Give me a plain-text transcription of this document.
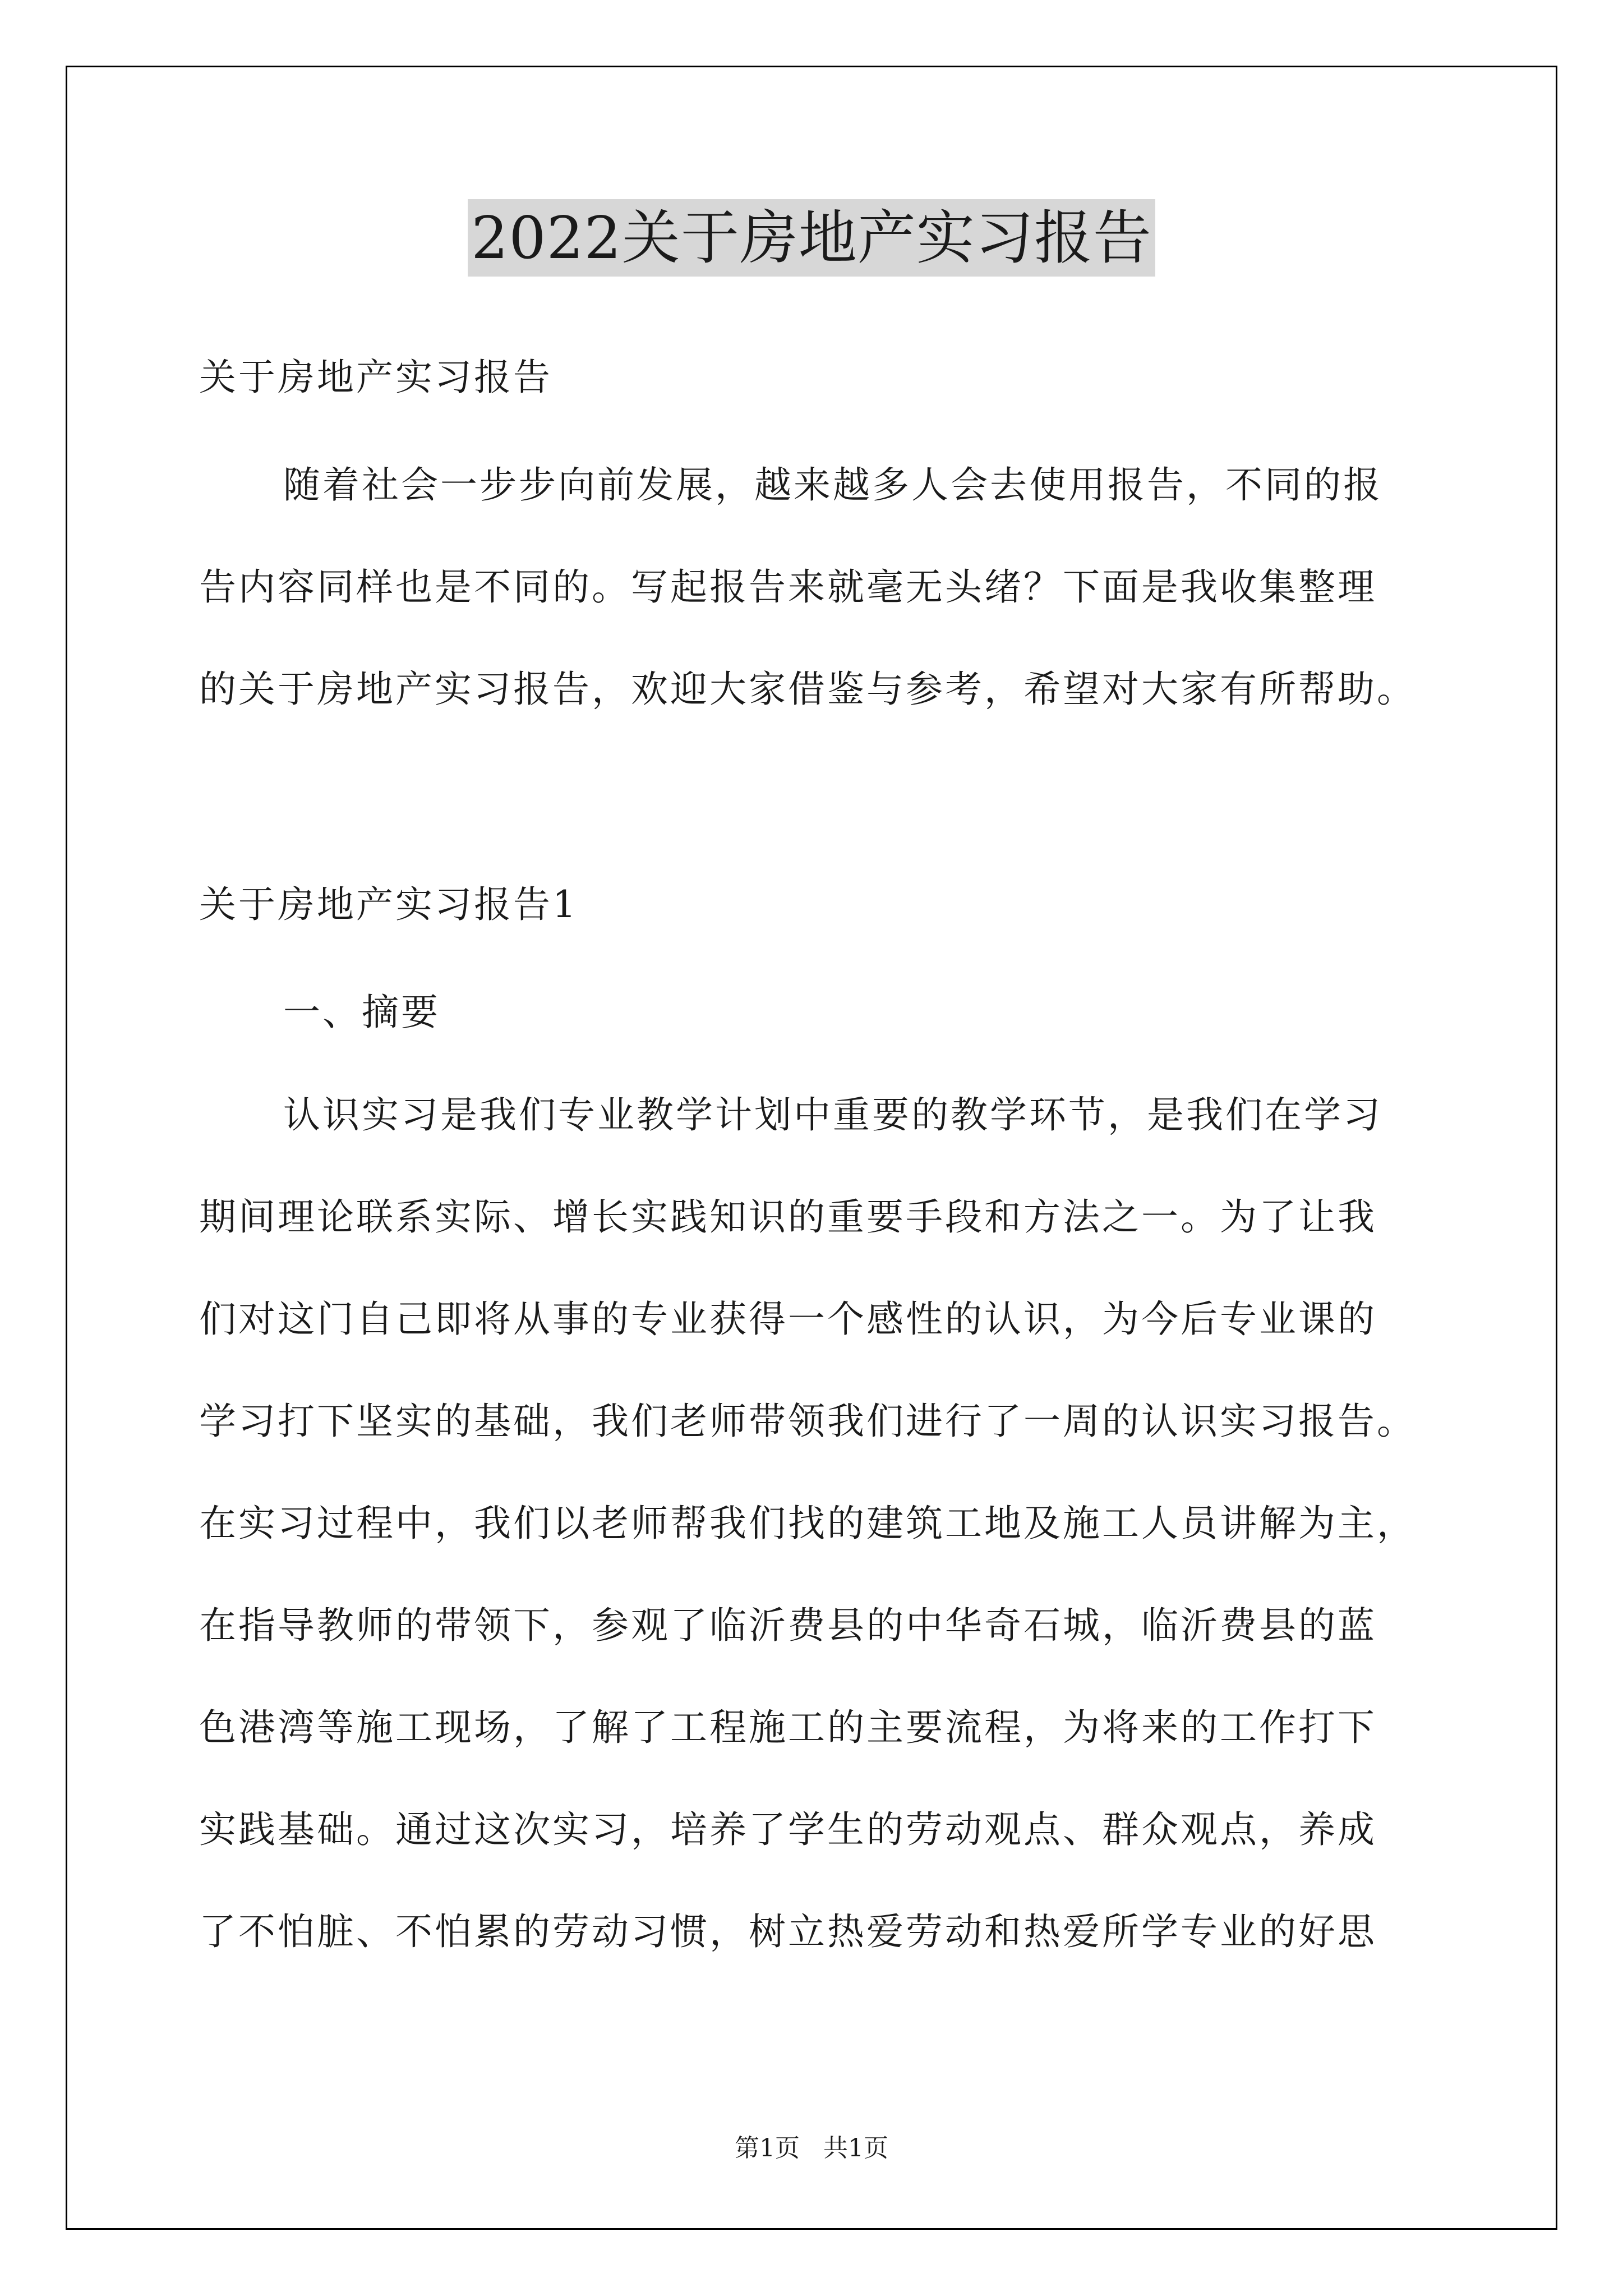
2022关于房地产实习报告
关于房地产实习报告
随着社会一步步向前发展，越来越多人会去使用报告，不同的报
告内容同样也是不同的。写起报告来就毫无头绪？下面是我收集整理
的关于房地产实习报告，欢迎大家借鉴与参考，希望对大家有所帮助。
关于房地产实习报告1
一、摘要
认识实习是我们专业教学计划中重要的教学环节，是我们在学习
期间理论联系实际、增长实践知识的重要手段和方法之一。为了让我
们对这门自己即将从事的专业获得一个感性的认识，为今后专业课的
学习打下坚实的基础，我们老师带领我们进行了一周的认识实习报告。
在实习过程中，我们以老师帮我们找的建筑工地及施工人员讲解为主，
在指导教师的带领下，参观了临沂费县的中华奇石城，临沂费县的蓝
色港湾等施工现场，了解了工程施工的主要流程，为将来的工作打下
实践基础。通过这次实习，培养了学生的劳动观点、群众观点，养成
了不怕脏、不怕累的劳动习惯，树立热爱劳动和热爱所学专业的好思
第1页 共1页
